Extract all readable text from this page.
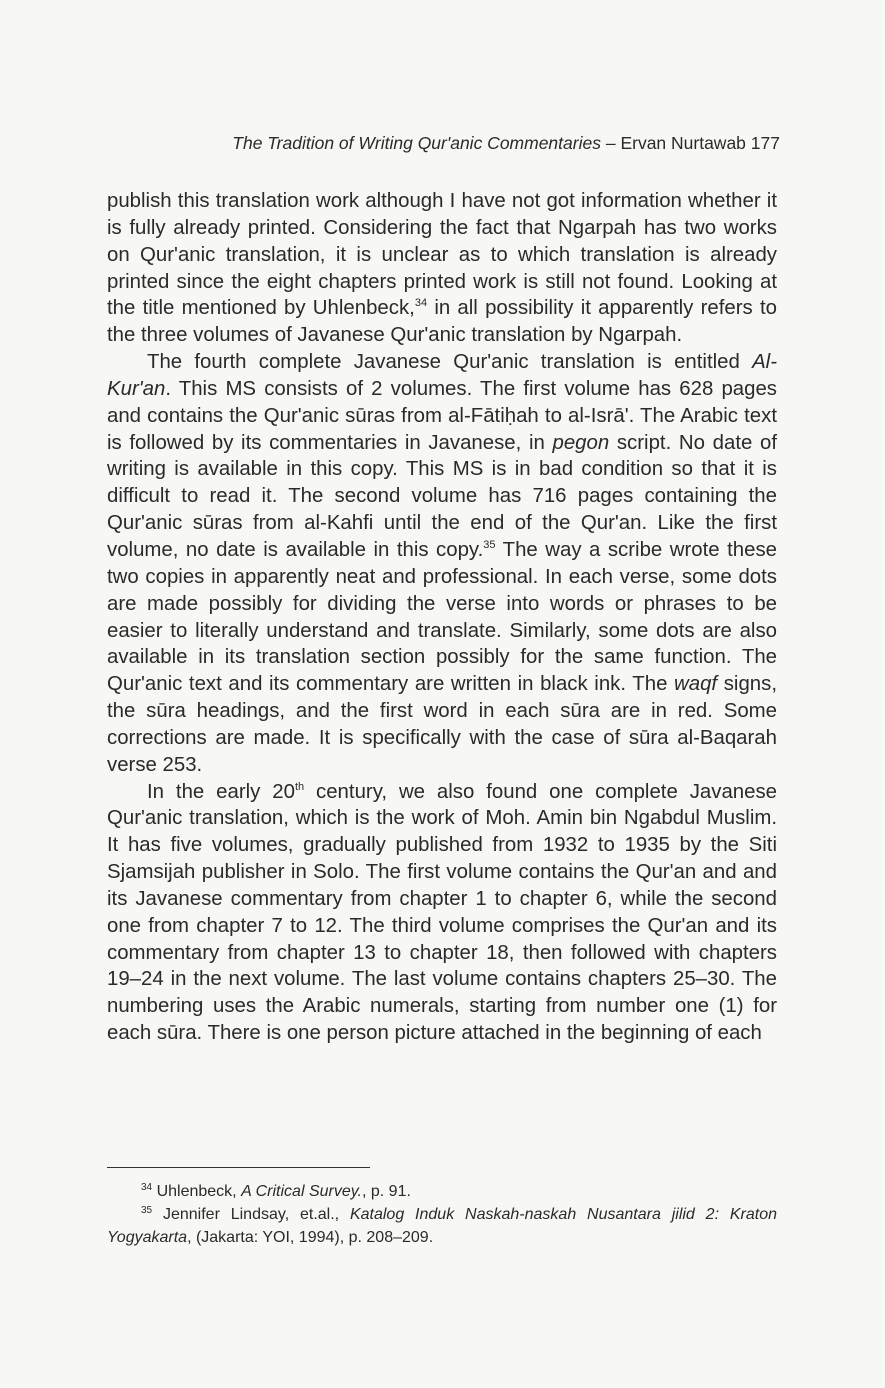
The Tradition of Writing Qur'anic Commentaries – Ervan Nurtawab 177

publish this translation work although I have not got information whether it is fully already printed. Considering the fact that Ngarpah has two works on Qur'anic translation, it is unclear as to which translation is already printed since the eight chapters printed work is still not found. Looking at the title mentioned by Uhlenbeck,$^{34}$ in all possibility it apparently refers to the three volumes of Javanese Qur'anic translation by Ngarpah.

The fourth complete Javanese Qur'anic translation is entitled Al-Kur'an. This MS consists of 2 volumes. The first volume has 628 pages and contains the Qur'anic sūras from al-Fātiḥah to al-Isrā'. The Arabic text is followed by its commentaries in Javanese, in pegon script. No date of writing is available in this copy. This MS is in bad condition so that it is difficult to read it. The second volume has 716 pages containing the Qur'anic sūras from al-Kahfi until the end of the Qur'an. Like the first volume, no date is available in this copy.$^{35}$ The way a scribe wrote these two copies in apparently neat and professional. In each verse, some dots are made possibly for dividing the verse into words or phrases to be easier to literally understand and translate. Similarly, some dots are also available in its translation section possibly for the same function. The Qur'anic text and its commentary are written in black ink. The waqf signs, the sūra headings, and the first word in each sūra are in red. Some corrections are made. It is specifically with the case of sūra al-Baqarah verse 253.

In the early 20th century, we also found one complete Javanese Qur'anic translation, which is the work of Moh. Amin bin Ngabdul Muslim. It has five volumes, gradually published from 1932 to 1935 by the Siti Sjamsijah publisher in Solo. The first volume contains the Qur'an and and its Javanese commentary from chapter 1 to chapter 6, while the second one from chapter 7 to 12. The third volume comprises the Qur'an and its commentary from chapter 13 to chapter 18, then followed with chapters 19–24 in the next volume. The last volume contains chapters 25–30. The numbering uses the Arabic numerals, starting from number one (1) for each sūra. There is one person picture attached in the beginning of each

$^{34}$ Uhlenbeck, A Critical Survey., p. 91.

$^{35}$ Jennifer Lindsay, et.al., Katalog Induk Naskah-naskah Nusantara jilid 2: Kraton Yogyakarta, (Jakarta: YOI, 1994), p. 208–209.
